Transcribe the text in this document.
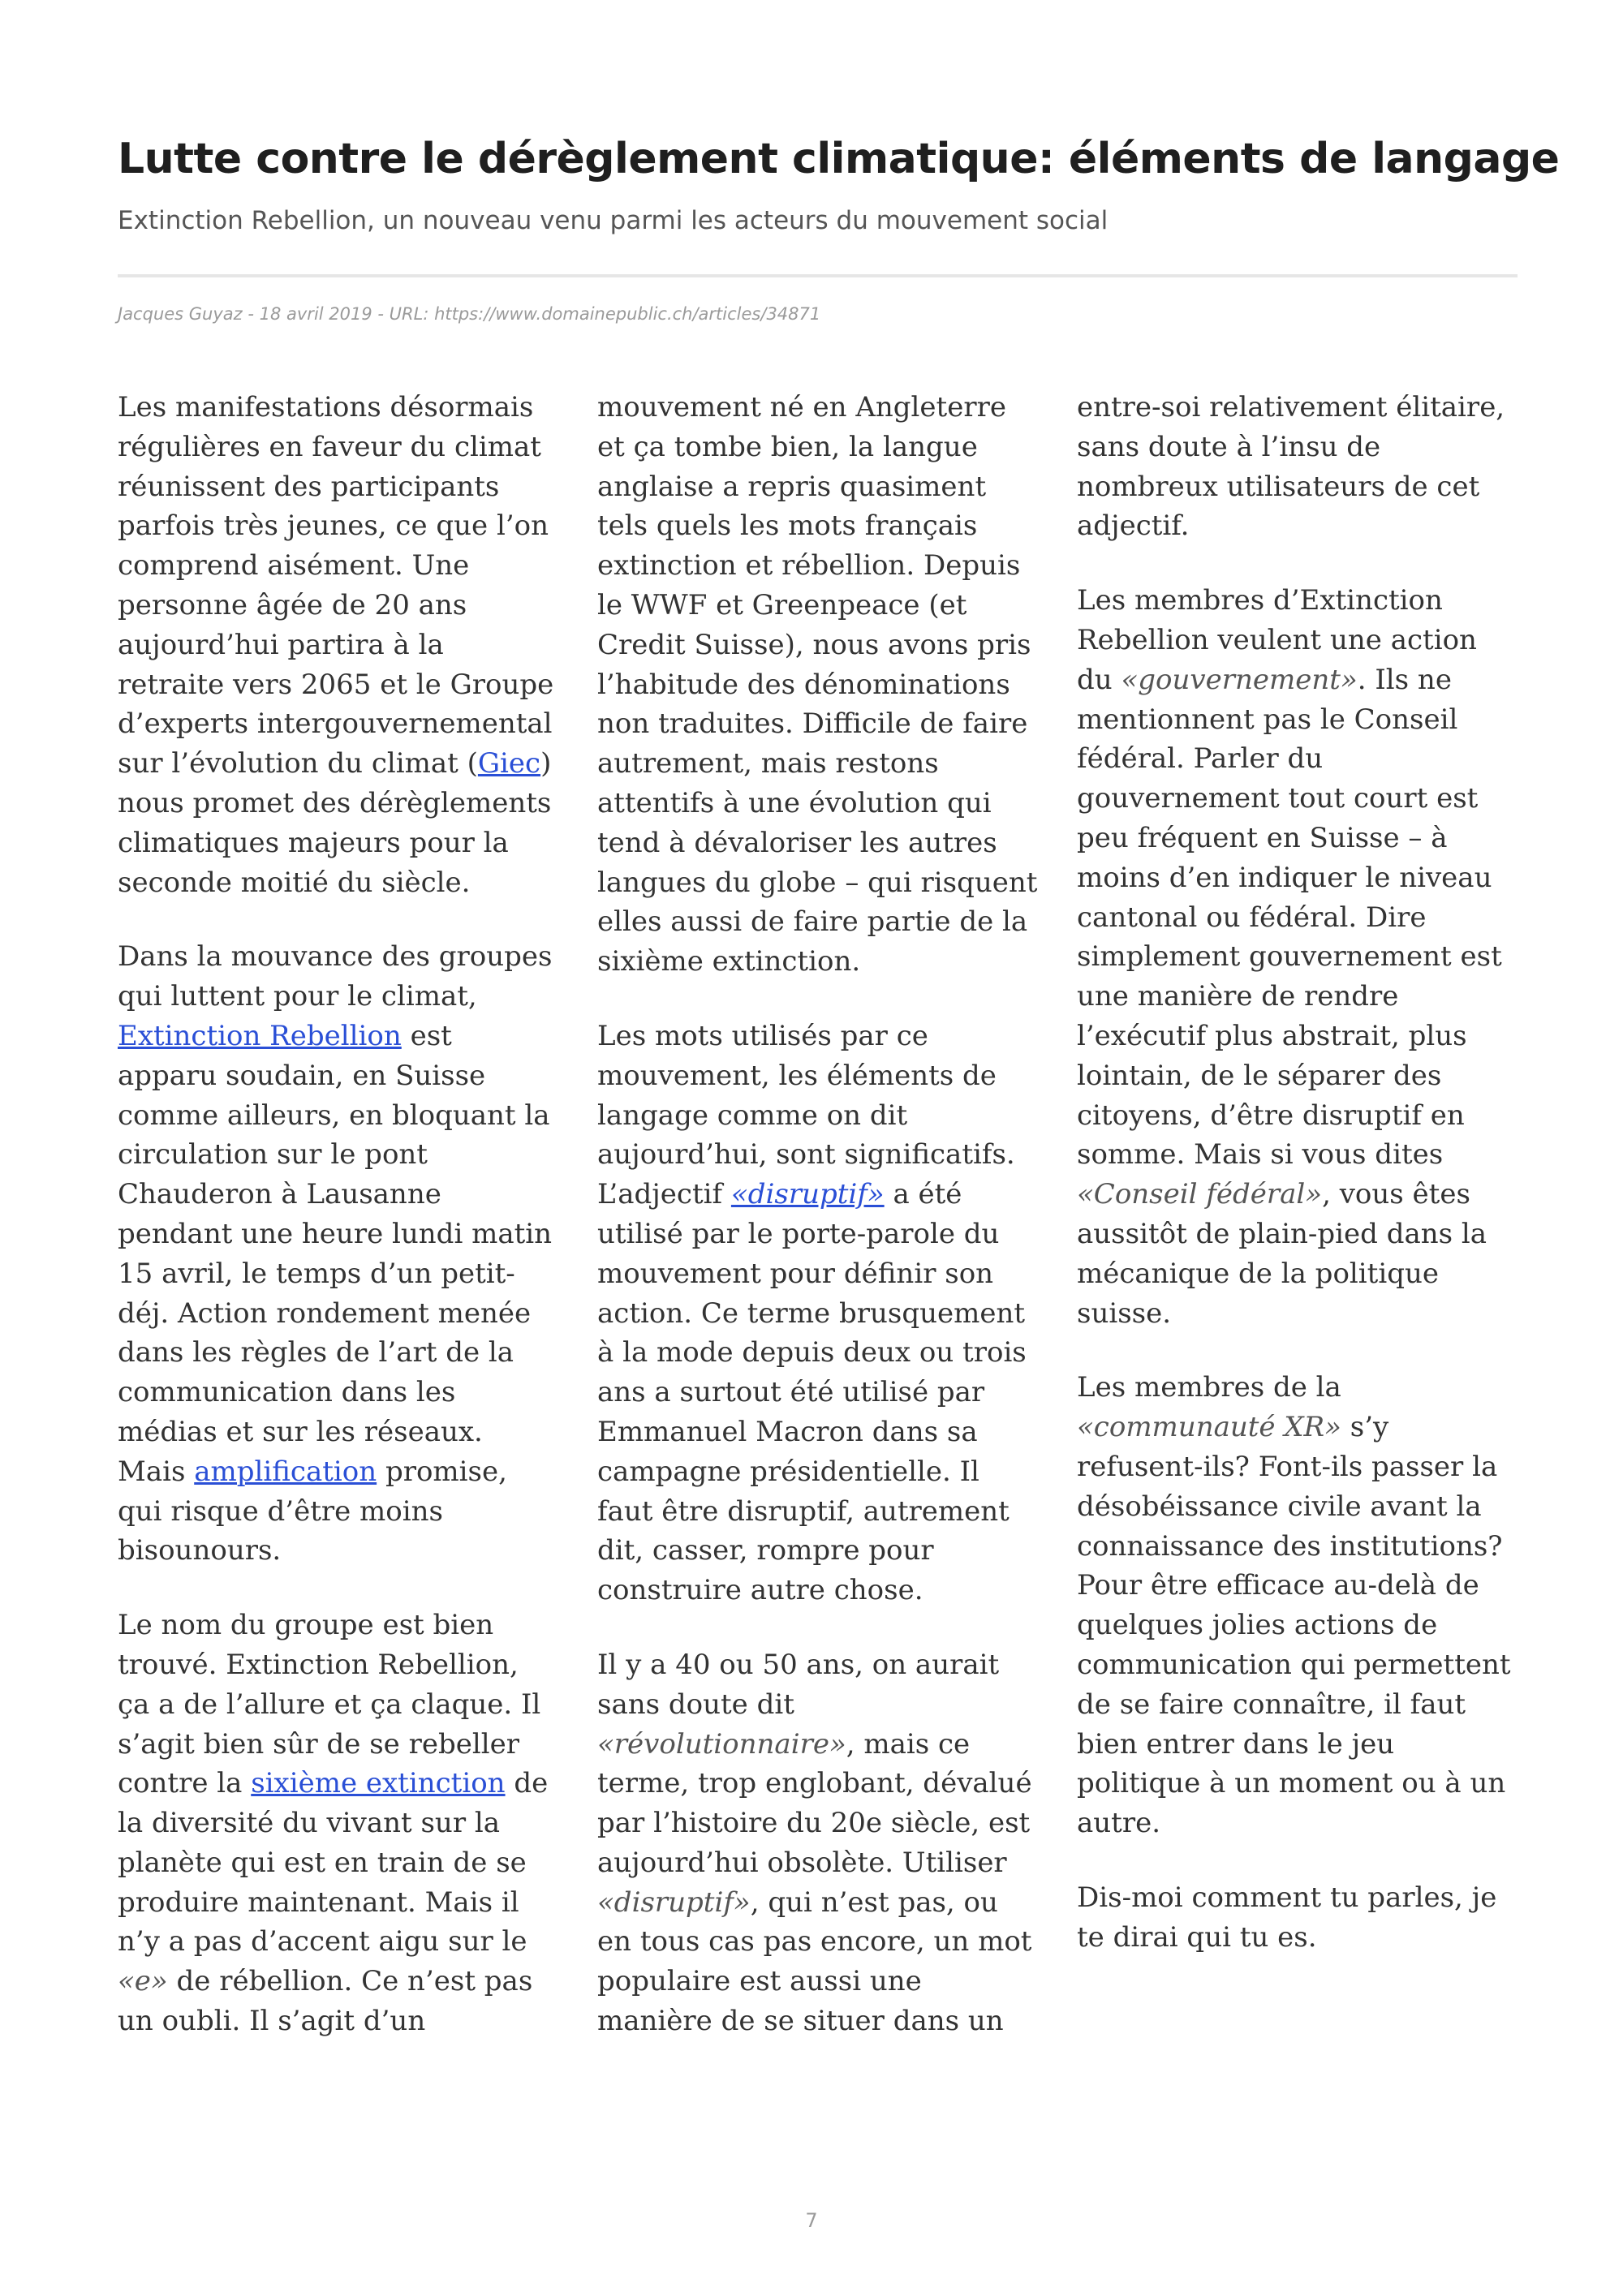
Lutte contre le dérèglement climatique: éléments de langage

Extinction Rebellion, un nouveau venu parmi les acteurs du mouvement social

Jacques Guyaz - 18 avril 2019 - URL: https://www.domainepublic.ch/articles/34871

Les manifestations désormais régulières en faveur du climat réunissent des participants parfois très jeunes, ce que l’on comprend aisément. Une personne âgée de 20 ans aujourd’hui partira à la retraite vers 2065 et le Groupe d’experts intergouvernemental sur l’évolution du climat (Giec) nous promet des dérèglements climatiques majeurs pour la seconde moitié du siècle.

Dans la mouvance des groupes qui luttent pour le climat, Extinction Rebellion est apparu soudain, en Suisse comme ailleurs, en bloquant la circulation sur le pont Chauderon à Lausanne pendant une heure lundi matin 15 avril, le temps d’un petit-déj. Action rondement menée dans les règles de l’art de la communication dans les médias et sur les réseaux. Mais amplification promise, qui risque d’être moins bisounours.

Le nom du groupe est bien trouvé. Extinction Rebellion, ça a de l’allure et ça claque. Il s’agit bien sûr de se rebeller contre la sixième extinction de la diversité du vivant sur la planète qui est en train de se produire maintenant. Mais il n’y a pas d’accent aigu sur le «e» de rébellion. Ce n’est pas un oubli. Il s’agit d’un mouvement né en Angleterre et ça tombe bien, la langue anglaise a repris quasiment tels quels les mots français extinction et rébellion. Depuis le WWF et Greenpeace (et Credit Suisse), nous avons pris l’habitude des dénominations non traduites. Difficile de faire autrement, mais restons attentifs à une évolution qui tend à dévaloriser les autres langues du globe – qui risquent elles aussi de faire partie de la sixième extinction.

Les mots utilisés par ce mouvement, les éléments de langage comme on dit aujourd’hui, sont significatifs. L’adjectif «disruptif» a été utilisé par le porte-parole du mouvement pour définir son action. Ce terme brusquement à la mode depuis deux ou trois ans a surtout été utilisé par Emmanuel Macron dans sa campagne présidentielle. Il faut être disruptif, autrement dit, casser, rompre pour construire autre chose.

Il y a 40 ou 50 ans, on aurait sans doute dit «révolutionnaire», mais ce terme, trop englobant, dévalué par l’histoire du 20e siècle, est aujourd’hui obsolète. Utiliser «disruptif», qui n’est pas, ou en tous cas pas encore, un mot populaire est aussi une manière de se situer dans un entre-soi relativement élitaire, sans doute à l’insu de nombreux utilisateurs de cet adjectif.

Les membres d’Extinction Rebellion veulent une action du «gouvernement». Ils ne mentionnent pas le Conseil fédéral. Parler du gouvernement tout court est peu fréquent en Suisse – à moins d’en indiquer le niveau cantonal ou fédéral. Dire simplement gouvernement est une manière de rendre l’exécutif plus abstrait, plus lointain, de le séparer des citoyens, d’être disruptif en somme. Mais si vous dites «Conseil fédéral», vous êtes aussitôt de plain-pied dans la mécanique de la politique suisse.

Les membres de la «communauté XR» s’y refusent-ils? Font-ils passer la désobéissance civile avant la connaissance des institutions? Pour être efficace au-delà de quelques jolies actions de communication qui permettent de se faire connaître, il faut bien entrer dans le jeu politique à un moment ou à un autre.

Dis-moi comment tu parles, je te dirai qui tu es.

7
